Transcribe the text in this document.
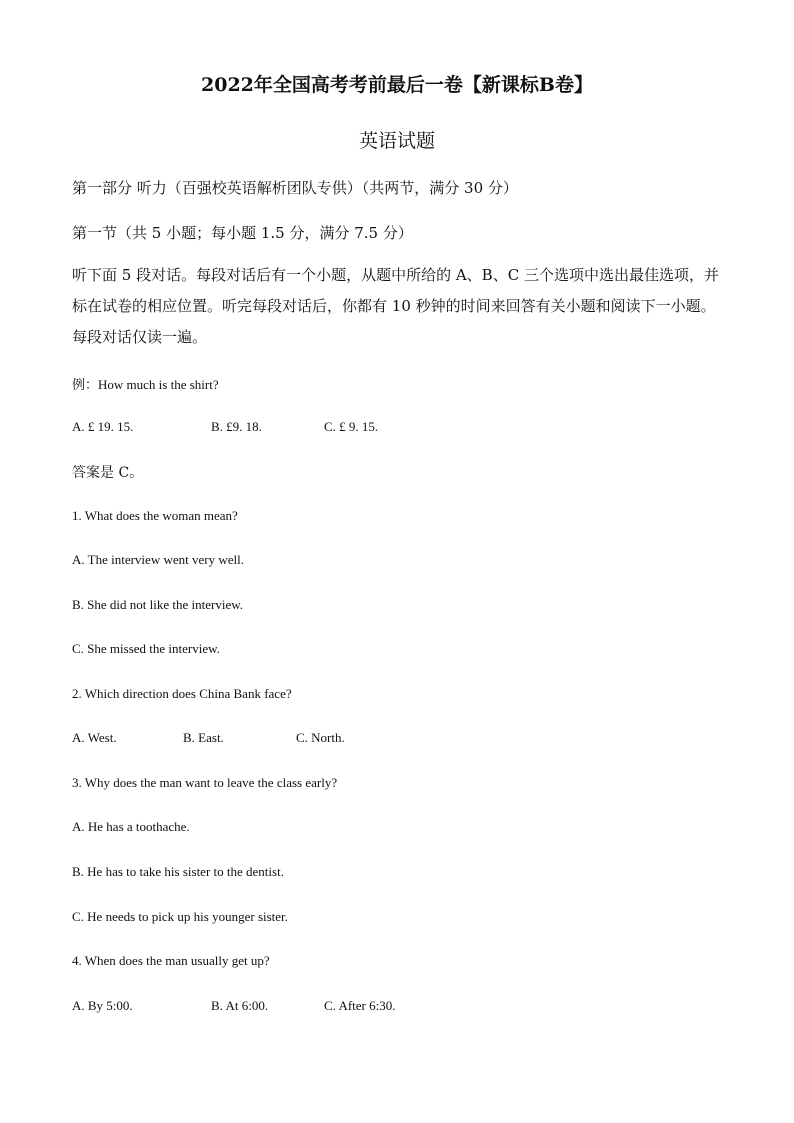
2022年全国高考考前最后一卷【新课标B卷】
英语试题
第一部分 听力（百强校英语解析团队专供）（共两节，满分 30 分）
第一节（共 5 小题；每小题 1.5 分，满分 7.5 分）
听下面 5 段对话。每段对话后有一个小题，从题中所给的 A、B、C 三个选项中选出最佳选项，并标在试卷的相应位置。听完每段对话后，你都有 10 秒钟的时间来回答有关小题和阅读下一小题。每段对话仅读一遍。
例：How much is the shirt?
A. £ 19. 15.	B. £9. 18.	C. £ 9. 15.
答案是 C。
1. What does the woman mean?
A. The interview went very well.
B. She did not like the interview.
C. She missed the interview.
2. Which direction does China Bank face?
A. West.	B. East.	C. North.
3. Why does the man want to leave the class early?
A. He has a toothache.
B. He has to take his sister to the dentist.
C. He needs to pick up his younger sister.
4. When does the man usually get up?
A. By 5:00.	B. At 6:00.	C. After 6:30.
